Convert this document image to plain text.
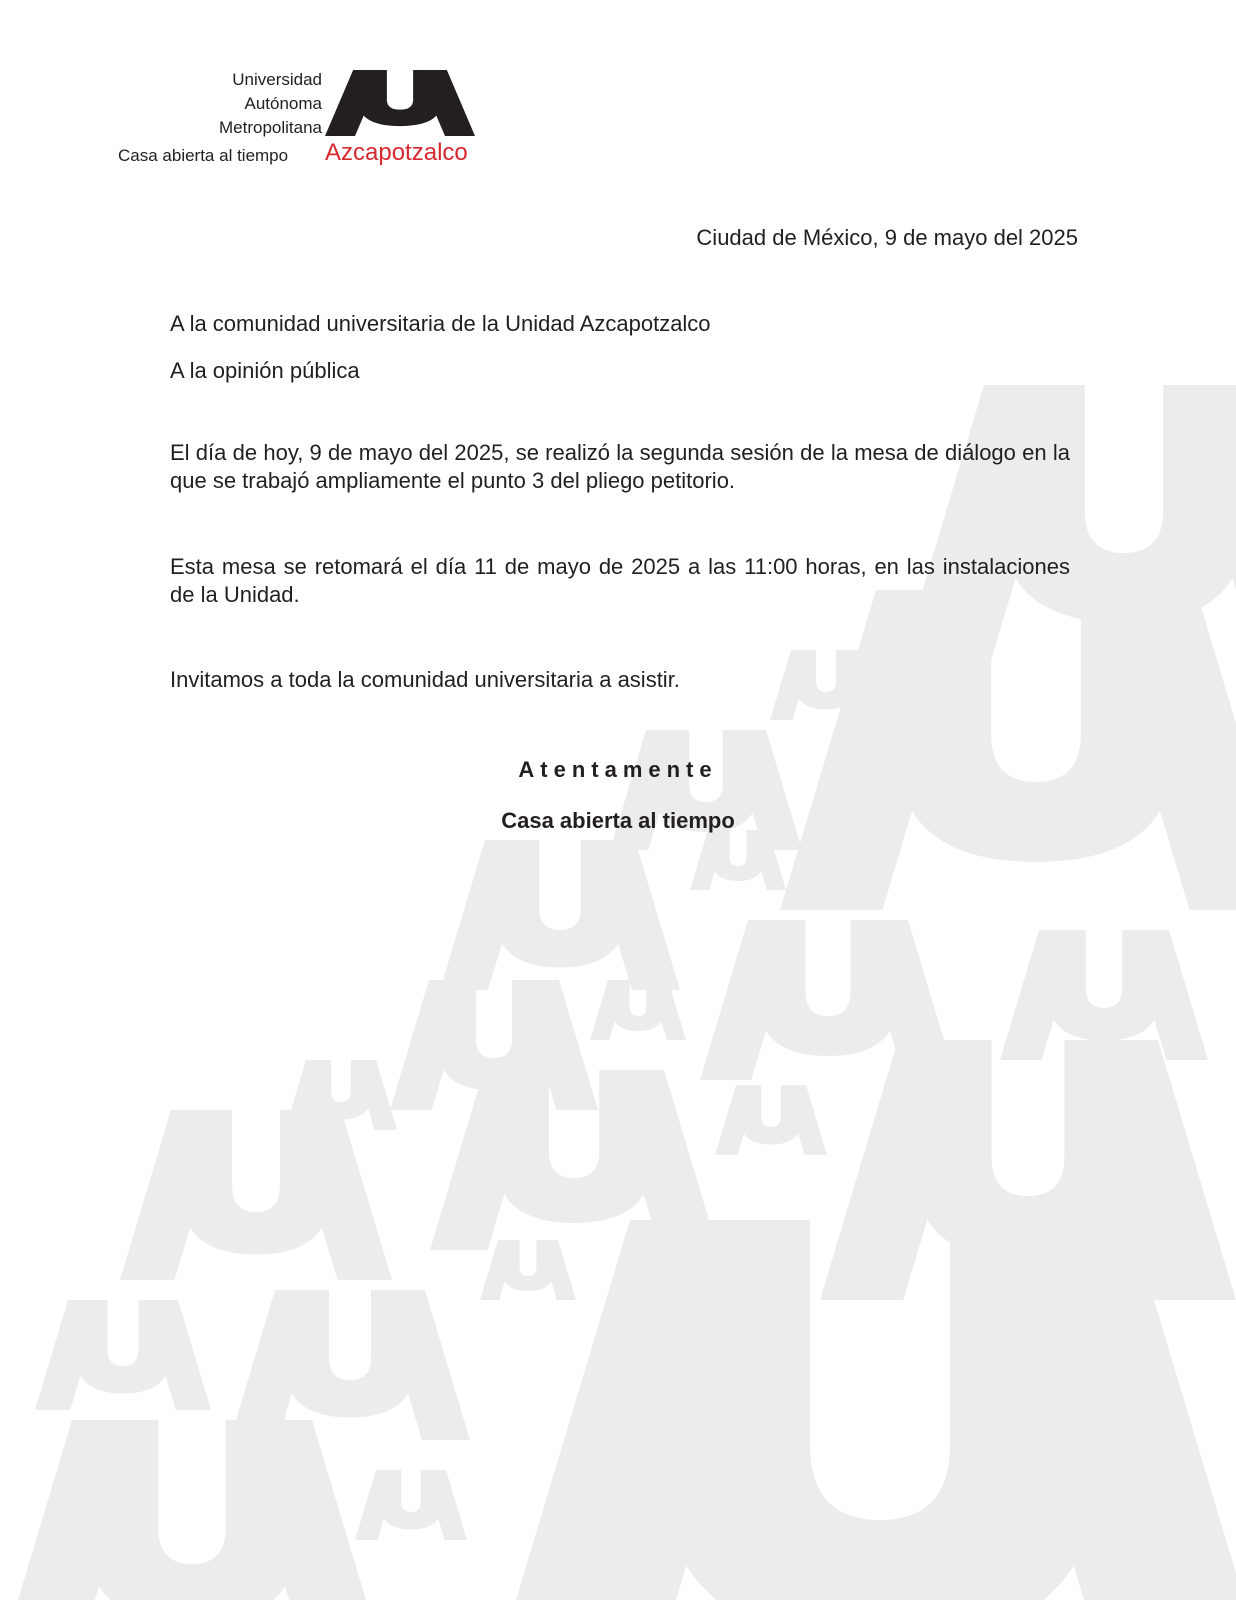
Universidad
Autónoma
Metropolitana
Casa abierta al tiempo Azcapotzalco
Ciudad de México, 9 de mayo del 2025
A la comunidad universitaria de la Unidad Azcapotzalco
A la opinión pública
El día de hoy, 9 de mayo del 2025, se realizó la segunda sesión de la mesa de diálogo en la que se trabajó ampliamente el punto 3 del pliego petitorio.
Esta mesa se retomará el día 11 de mayo de 2025 a las 11:00 horas, en las instalaciones de la Unidad.
Invitamos a toda la comunidad universitaria a asistir.
Atentamente
Casa abierta al tiempo
